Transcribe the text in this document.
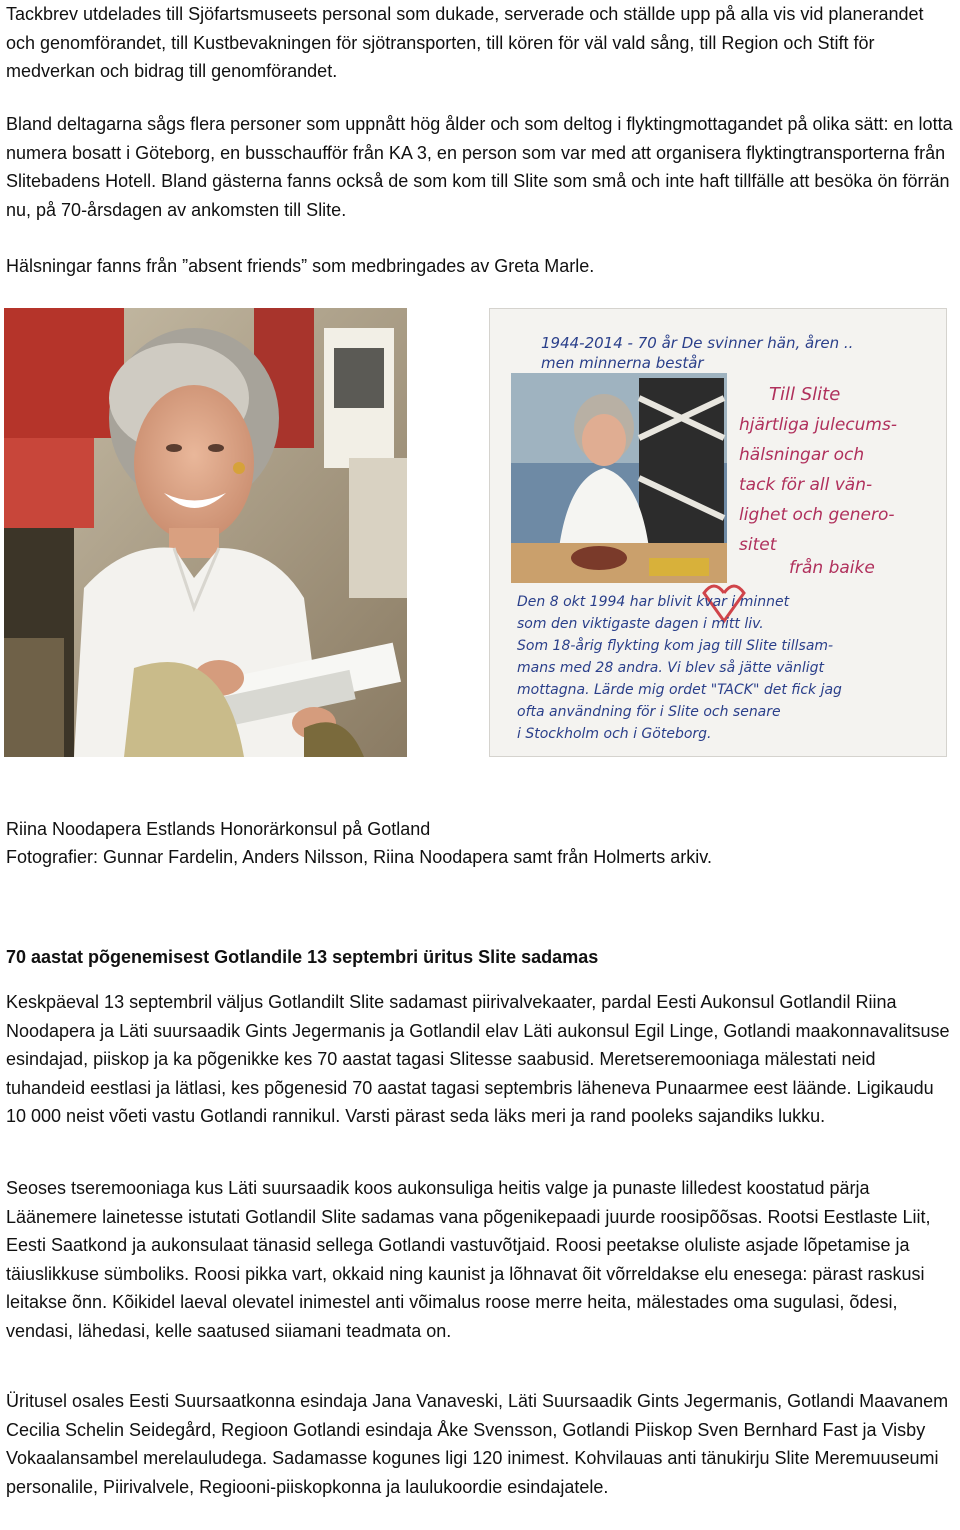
Tackbrev utdelades till Sjöfartsmuseets personal som dukade, serverade och ställde upp på alla vis vid planerandet och genomförandet, till Kustbevakningen för sjötransporten, till kören för väl vald sång, till Region och Stift för medverkan och bidrag till genomförandet.

Bland deltagarna sågs flera personer som uppnått hög ålder och som deltog i flyktingmottagandet på olika sätt: en lotta numera bosatt i Göteborg, en busschaufför från KA 3, en person som var med att organisera flyktingtransporterna från Slitebadens Hotell. Bland gästerna fanns också de som kom till Slite som små och inte haft tillfälle att besöka ön förrän nu, på 70-årsdagen av ankomsten till Slite.

Hälsningar fanns från ”absent friends” som medbringades av Greta Marle.

1944-2014 - 70 år De svinner hän, åren ..
men minnerna består
Till Slite
hjärtliga julecums-
hälsningar och
tack för all vän-
lighet och genero-
sitet
från baike
Den 8 okt 1994 har blivit kvar i minnet
som den viktigaste dagen i mitt liv.
Som 18-årig flykting kom jag till Slite tillsam-
mans med 28 andra. Vi blev så jätte vänligt
mottagna. Lärde mig ordet "TACK" det fick jag
ofta användning för i Slite och senare
i Stockholm och i Göteborg.

Riina Noodapera Estlands Honorärkonsul på Gotland

Fotografier: Gunnar Fardelin, Anders Nilsson, Riina Noodapera samt från Holmerts arkiv.

70 aastat põgenemisest Gotlandile 13 septembri üritus Slite sadamas

Keskpäeval 13 septembril väljus Gotlandilt Slite sadamast piirivalvekaater, pardal Eesti Aukonsul Gotlandil Riina Noodapera ja Läti suursaadik Gints Jegermanis ja Gotlandil elav Läti aukonsul Egil Linge, Gotlandi maakonnavalitsuse esindajad, piiskop ja ka põgenikke kes 70 aastat tagasi Slitesse saabusid. Meretseremooniaga mälestati neid tuhandeid eestlasi ja lätlasi, kes põgenesid 70 aastat tagasi septembris läheneva Punaarmee eest läände. Ligikaudu 10 000 neist võeti vastu Gotlandi rannikul. Varsti pärast seda läks meri ja rand pooleks sajandiks lukku.

Seoses tseremooniaga kus Läti suursaadik koos aukonsuliga heitis valge ja punaste lilledest koostatud pärja Läänemere lainetesse istutati Gotlandil Slite sadamas vana põgenikepaadi juurde roosipõõsas. Rootsi Eestlaste Liit, Eesti Saatkond ja aukonsulaat tänasid sellega Gotlandi vastuvõtjaid. Roosi peetakse oluliste asjade lõpetamise ja täiuslikkuse sümboliks. Roosi pikka vart, okkaid ning kaunist ja lõhnavat õit võrreldakse elu enesega: pärast raskusi leitakse õnn. Kõikidel laeval olevatel inimestel anti võimalus roose merre heita, mälestades oma sugulasi, õdesi, vendasi, lähedasi, kelle saatused siiamani teadmata on.

Üritusel osales Eesti Suursaatkonna esindaja Jana Vanaveski, Läti Suursaadik Gints Jegermanis, Gotlandi Maavanem Cecilia Schelin Seidegård, Regioon Gotlandi esindaja Åke Svensson, Gotlandi Piiskop Sven Bernhard Fast ja Visby Vokaalansambel merelauludega. Sadamasse kogunes ligi 120 inimest. Kohvilauas anti tänukirju Slite Meremuuseumi personalile, Piirivalvele, Regiooni-piiskopkonna ja laulukoordie esindajatele.
